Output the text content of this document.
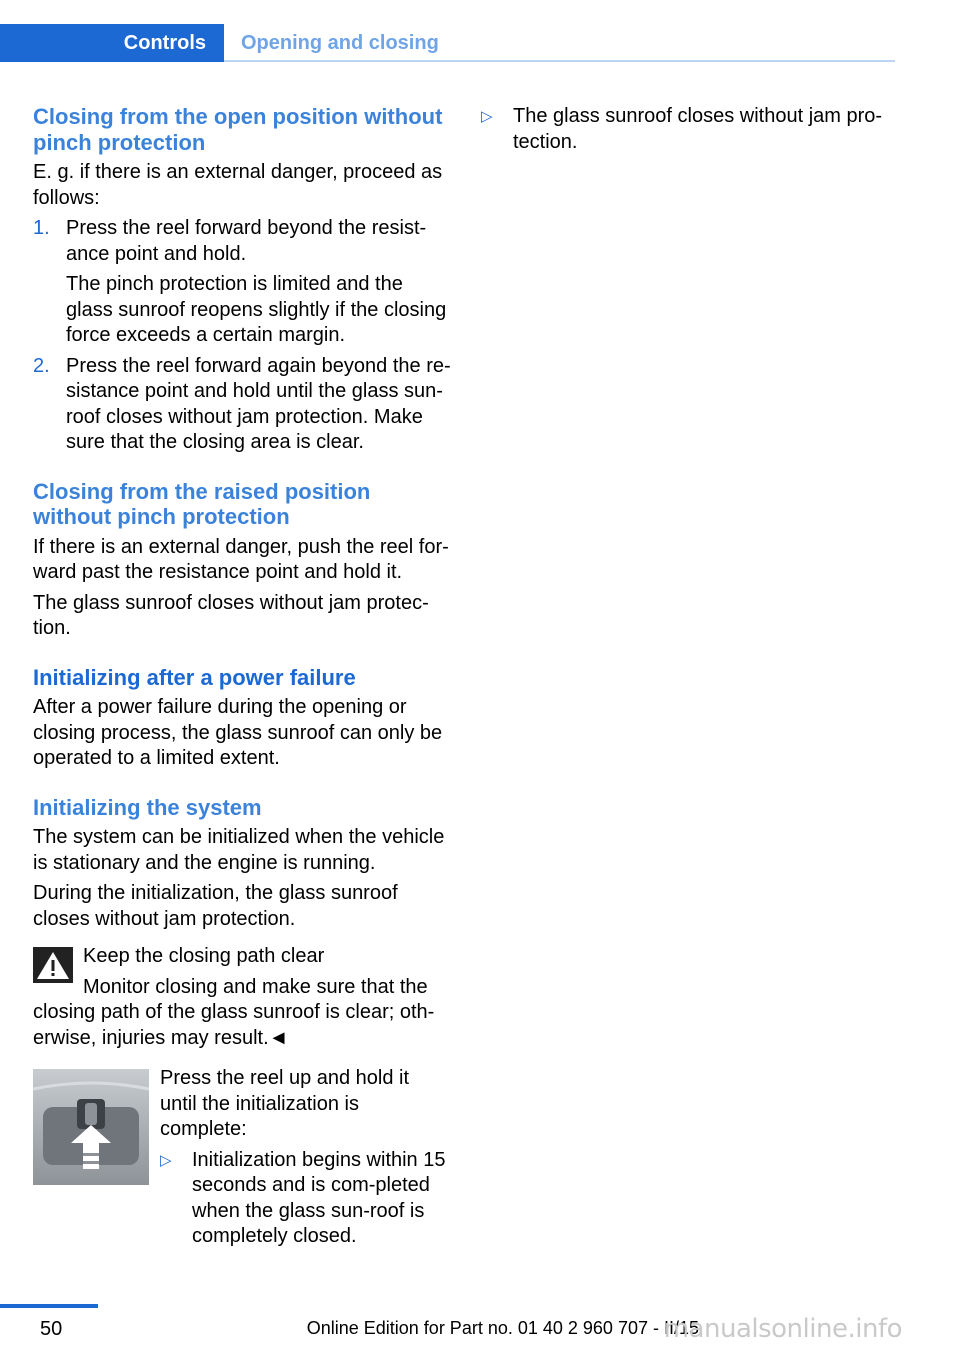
Controls	Opening and closing
Closing from the open position without pinch protection

E. g. if there is an external danger, proceed as follows:

1. Press the reel forward beyond the resist‐ance point and hold.

The pinch protection is limited and the glass sunroof reopens slightly if the closing force exceeds a certain margin.

2. Press the reel forward again beyond the re‐sistance point and hold until the glass sun‐roof closes without jam protection. Make sure that the closing area is clear.

Closing from the raised position without pinch protection

If there is an external danger, push the reel for‐ward past the resistance point and hold it.

The glass sunroof closes without jam protec‐tion.

Initializing after a power failure

After a power failure during the opening or closing process, the glass sunroof can only be operated to a limited extent.

Initializing the system

The system can be initialized when the vehicle is stationary and the engine is running.

During the initialization, the glass sunroof closes without jam protection.

Keep the closing path clear

Monitor closing and make sure that the closing path of the glass sunroof is clear; oth‐erwise, injuries may result.◄

Press the reel up and hold it until the initialization is complete:

▷	Initialization begins within 15 seconds and is com‐pleted when the glass sun‐roof is completely closed.
▷	The glass sunroof closes without jam pro‐tection.
50	Online Edition for Part no. 01 40 2 960 707 - II/15
manualsonline.info
